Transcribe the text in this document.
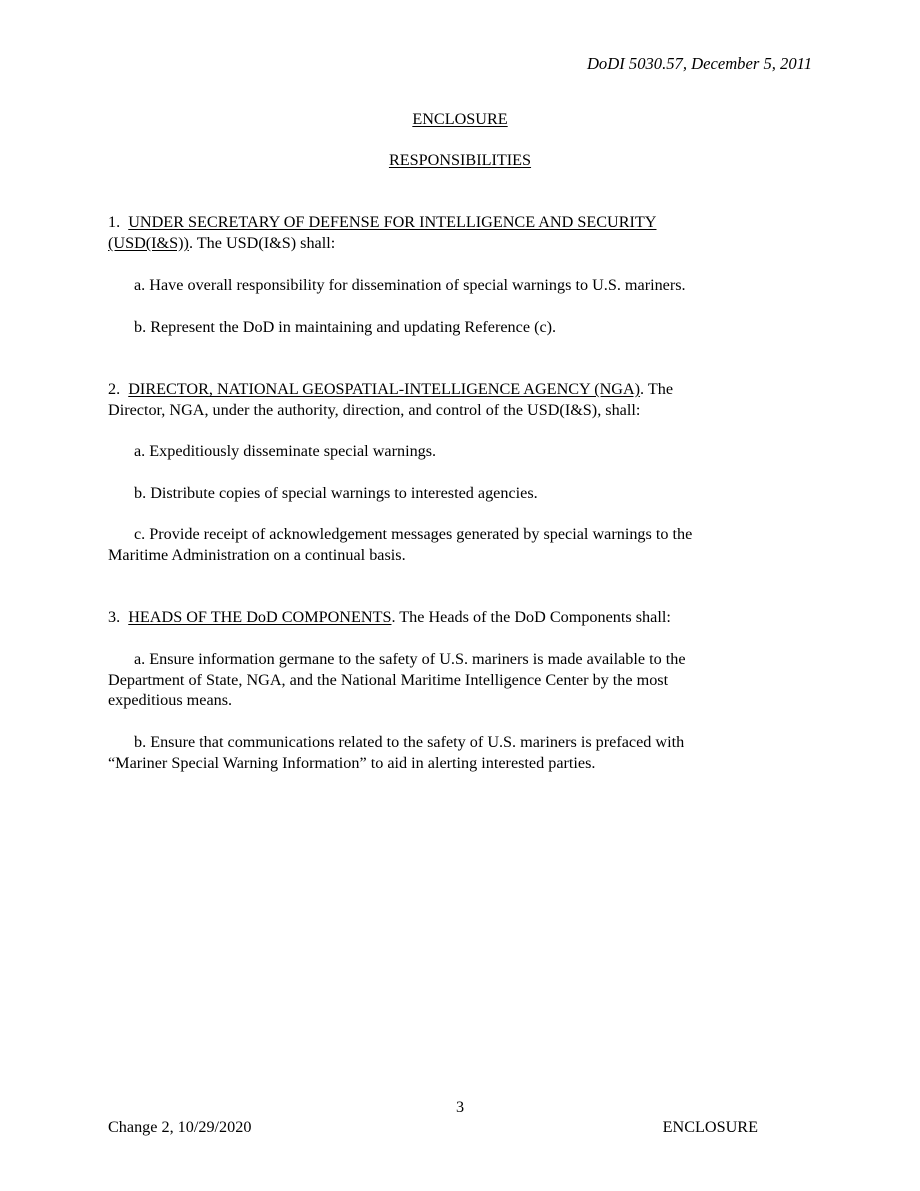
DoDI 5030.57, December 5, 2011
ENCLOSURE
RESPONSIBILITIES

1. UNDER SECRETARY OF DEFENSE FOR INTELLIGENCE AND SECURITY

(USD(I&S)). The USD(I&S) shall:

a. Have overall responsibility for dissemination of special warnings to U.S. mariners.

b. Represent the DoD in maintaining and updating Reference (c).

2. DIRECTOR, NATIONAL GEOSPATIAL-INTELLIGENCE AGENCY (NGA). The

Director, NGA, under the authority, direction, and control of the USD(I&S), shall:

a. Expeditiously disseminate special warnings.

b. Distribute copies of special warnings to interested agencies.

c. Provide receipt of acknowledgement messages generated by special warnings to the

Maritime Administration on a continual basis.

3. HEADS OF THE DoD COMPONENTS. The Heads of the DoD Components shall:

a. Ensure information germane to the safety of U.S. mariners is made available to the

Department of State, NGA, and the National Maritime Intelligence Center by the most

expeditious means.

b. Ensure that communications related to the safety of U.S. mariners is prefaced with

“Mariner Special Warning Information” to aid in alerting interested parties.

3
Change 2, 10/29/2020	ENCLOSURE
